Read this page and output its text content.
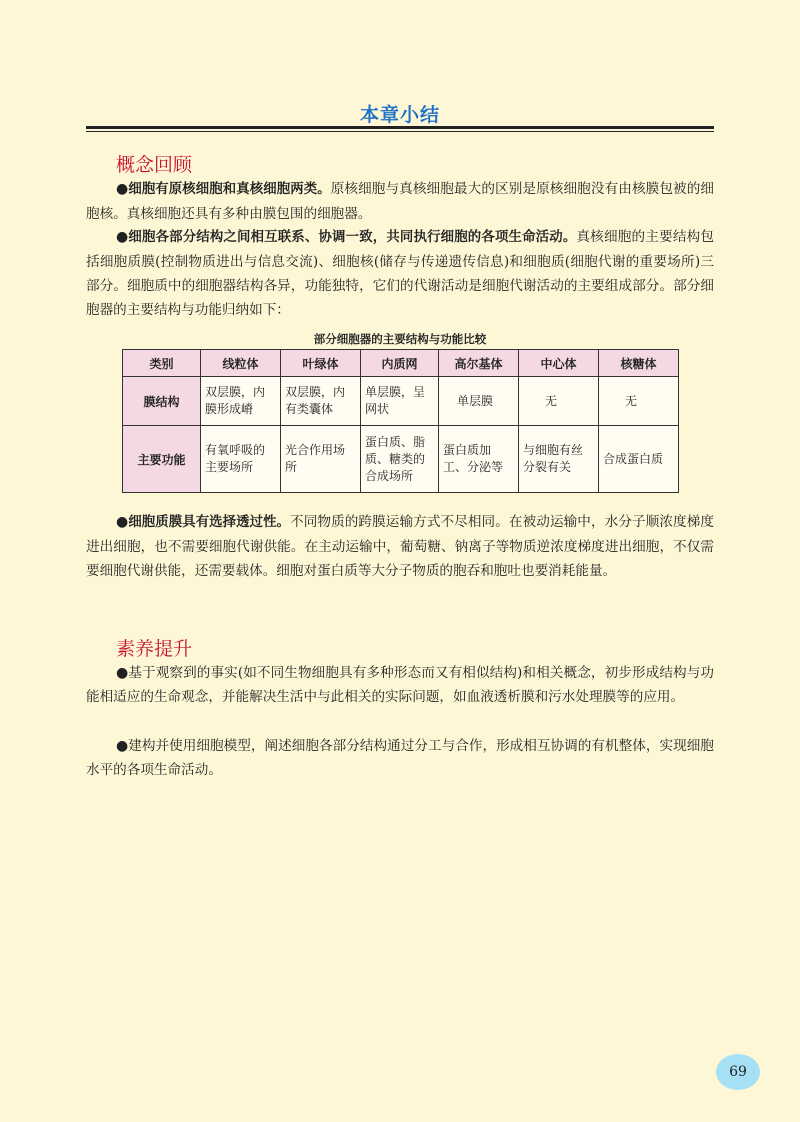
本章小结
概念回顾
●细胞有原核细胞和真核细胞两类。原核细胞与真核细胞最大的区别是原核细胞没有由核膜包被的细胞核。真核细胞还具有多种由膜包围的细胞器。
●细胞各部分结构之间相互联系、协调一致，共同执行细胞的各项生命活动。真核细胞的主要结构包括细胞质膜(控制物质进出与信息交流)、细胞核(储存与传递遗传信息)和细胞质(细胞代谢的重要场所)三部分。细胞质中的细胞器结构各异，功能独特，它们的代谢活动是细胞代谢活动的主要组成部分。部分细胞器的主要结构与功能归纳如下：
部分细胞器的主要结构与功能比较
类别	线粒体	叶绿体	内质网	高尔基体	中心体	核糖体
膜结构	双层膜，内膜形成嵴	双层膜，内有类囊体	单层膜，呈网状	单层膜	无	无
主要功能	有氧呼吸的主要场所	光合作用场所	蛋白质、脂质、糖类的合成场所	蛋白质加工、分泌等	与细胞有丝分裂有关	合成蛋白质
●细胞质膜具有选择透过性。不同物质的跨膜运输方式不尽相同。在被动运输中，水分子顺浓度梯度进出细胞，也不需要细胞代谢供能。在主动运输中，葡萄糖、钠离子等物质逆浓度梯度进出细胞，不仅需要细胞代谢供能，还需要载体。细胞对蛋白质等大分子物质的胞吞和胞吐也要消耗能量。
素养提升
●基于观察到的事实(如不同生物细胞具有多种形态而又有相似结构)和相关概念，初步形成结构与功能相适应的生命观念，并能解决生活中与此相关的实际问题，如血液透析膜和污水处理膜等的应用。
●建构并使用细胞模型，阐述细胞各部分结构通过分工与合作，形成相互协调的有机整体，实现细胞水平的各项生命活动。
69
